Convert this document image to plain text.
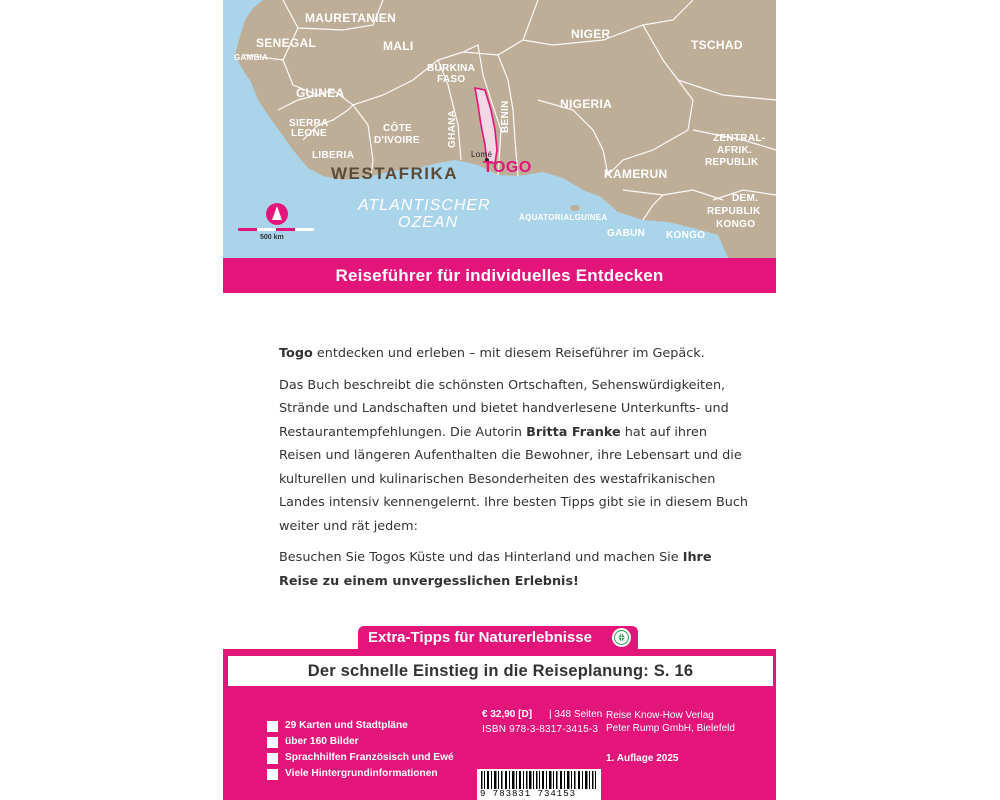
MAURETANIEN
SENEGAL
GAMBIA
MALI
NIGER
TSCHAD
BURKINA
FASO
GUINEA
GHANA	BENIN	NIGERIA
SIERRA
LEONE	CÔTE
D'IVOIRE
LIBERIA	Lomé
TOGO
WESTAFRIKA	KAMERUN
ZENTRAL-
AFRIK.
REPUBLIK
ATLANTISCHER
OZEAN	ÄQUATORIALGUINEA
GABUN KONGO
DEM.
REPUBLIK
KONGO
500 km
Reiseführer für individuelles Entdecken

Togo entdecken und erleben – mit diesem Reiseführer im Gepäck.

Das Buch beschreibt die schönsten Ortschaften, Sehenswürdigkeiten, Strände und Landschaften und bietet handverlesene Unterkunfts- und Restaurantempfehlungen. Die Autorin Britta Franke hat auf ihren Reisen und längeren Aufenthalten die Bewohner, ihre Lebensart und die kulturellen und kulinarischen Besonderheiten des westafrikanischen Landes intensiv kennengelernt. Ihre besten Tipps gibt sie in diesem Buch weiter und rät jedem:

Besuchen Sie Togos Küste und das Hinterland und machen Sie Ihre Reise zu einem unvergesslichen Erlebnis!

Extra-Tipps für Naturerlebnisse
Der schnelle Einstieg in die Reiseplanung: S. 16
29 Karten und Stadtpläne
über 160 Bilder
Sprachhilfen Französisch und Ewé
Viele Hintergrundinformationen
€ 32,90 [D] | 348 Seiten
ISBN 978-3-8317-3415-3
Reise Know-How Verlag
Peter Rump GmbH, Bielefeld
1. Auflage 2025
9 783831 734153
